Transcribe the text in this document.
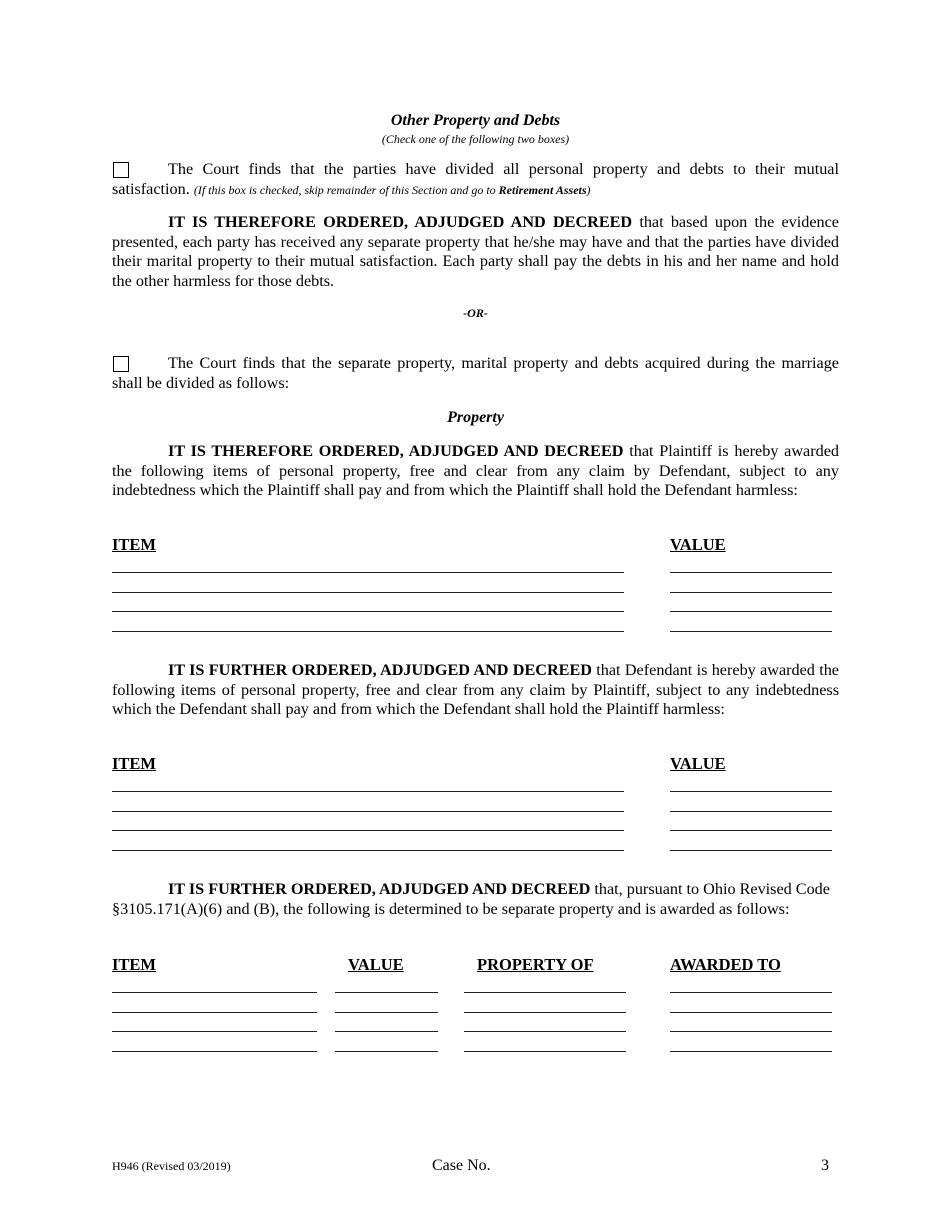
Other Property and Debts
(Check one of the following two boxes)
The Court finds that the parties have divided all personal property and debts to their mutual satisfaction. (If this box is checked, skip remainder of this Section and go to Retirement Assets)
IT IS THEREFORE ORDERED, ADJUDGED AND DECREED that based upon the evidence presented, each party has received any separate property that he/she may have and that the parties have divided their marital property to their mutual satisfaction. Each party shall pay the debts in his and her name and hold the other harmless for those debts.
-OR-
The Court finds that the separate property, marital property and debts acquired during the marriage shall be divided as follows:
Property
IT IS THEREFORE ORDERED, ADJUDGED AND DECREED that Plaintiff is hereby awarded the following items of personal property, free and clear from any claim by Defendant, subject to any indebtedness which the Plaintiff shall pay and from which the Plaintiff shall hold the Defendant harmless:
ITEM	VALUE
IT IS FURTHER ORDERED, ADJUDGED AND DECREED that Defendant is hereby awarded the following items of personal property, free and clear from any claim by Plaintiff, subject to any indebtedness which the Defendant shall pay and from which the Defendant shall hold the Plaintiff harmless:
ITEM	VALUE
IT IS FURTHER ORDERED, ADJUDGED AND DECREED that, pursuant to Ohio Revised Code §3105.171(A)(6) and (B), the following is determined to be separate property and is awarded as follows:
ITEM	VALUE	PROPERTY OF	AWARDED TO
H946 (Revised 03/2019)	Case No.	3
